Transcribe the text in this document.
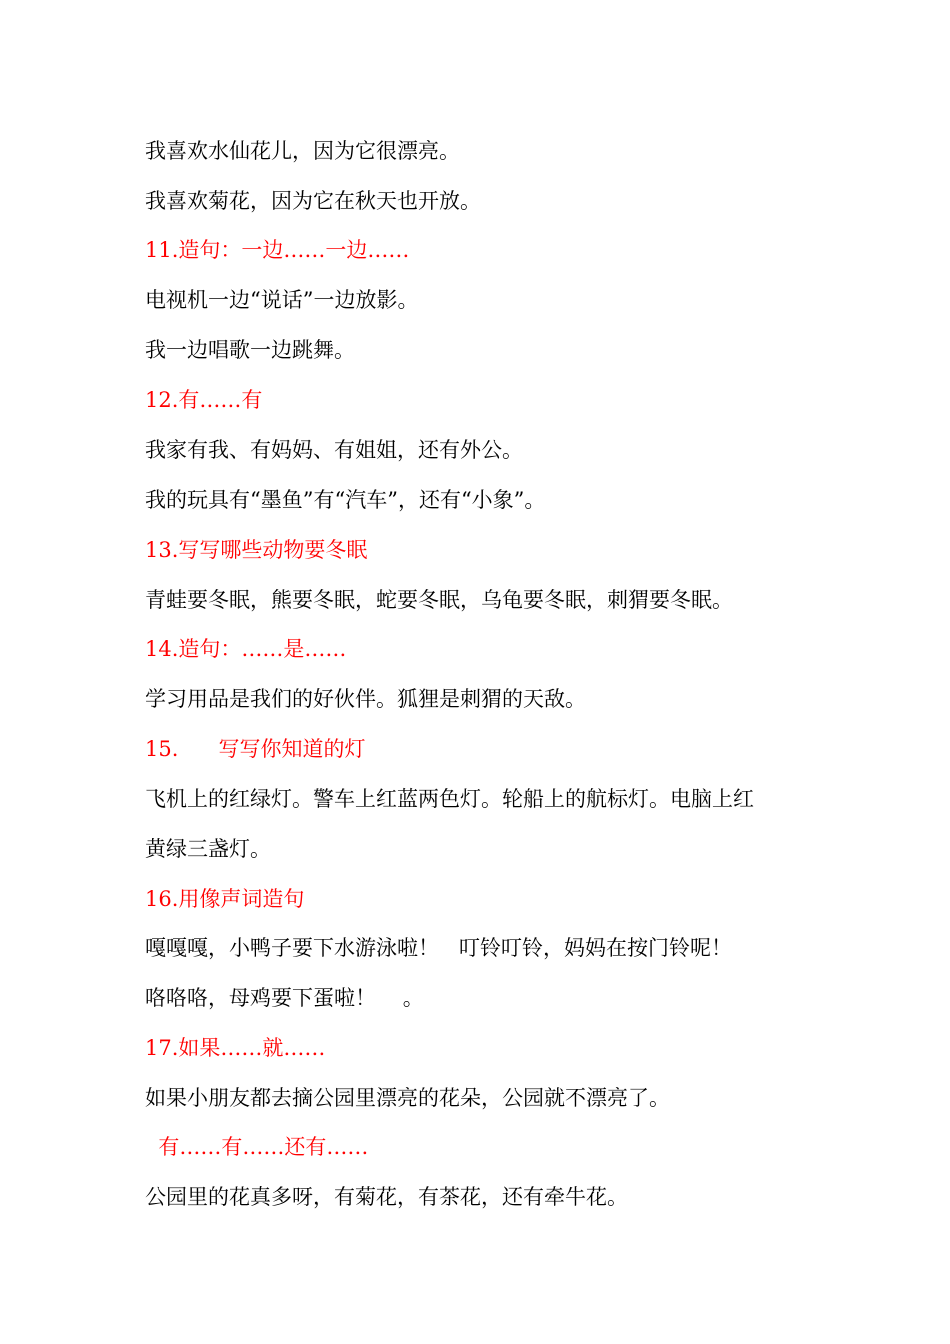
我喜欢水仙花儿，因为它很漂亮。
我喜欢菊花，因为它在秋天也开放。
11.造句：一边……一边……
电视机一边“说话”一边放影。
我一边唱歌一边跳舞。
12.有……有
我家有我、有妈妈、有姐姐，还有外公。
我的玩具有“墨鱼”有“汽车”，还有“小象”。
13.写写哪些动物要冬眠
青蛙要冬眠，熊要冬眠，蛇要冬眠，乌龟要冬眠，刺猬要冬眠。
14.造句：……是……
学习用品是我们的好伙伴。狐狸是刺猬的天敌。
15.      写写你知道的灯
飞机上的红绿灯。警车上红蓝两色灯。轮船上的航标灯。电脑上红
黄绿三盏灯。
16.用像声词造句
嘎嘎嘎，小鸭子要下水游泳啦！   叮铃叮铃，妈妈在按门铃呢！
咯咯咯，母鸡要下蛋啦！    。
17.如果……就……
如果小朋友都去摘公园里漂亮的花朵，公园就不漂亮了。
有……有……还有……
公园里的花真多呀，有菊花，有茶花，还有牵牛花。
